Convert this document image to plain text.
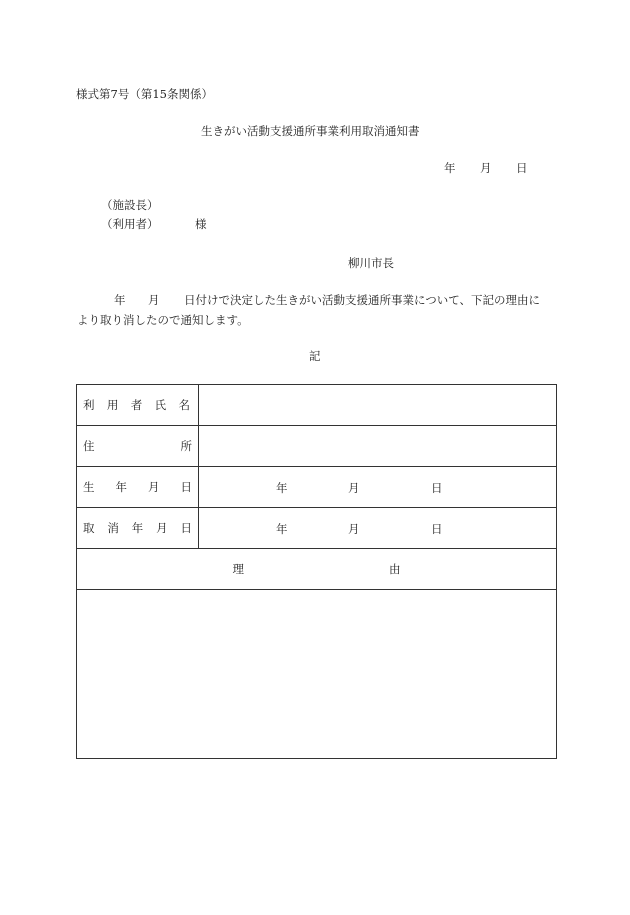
様式第7号（第15条関係）
生きがい活動支援通所事業利用取消通知書
年 月 日
（施設長）
（利用者）	様
柳川市長
年 月 日付けで決定した生きがい活動支援通所事業について、下記の理由に
より取り消したので通知します。
記
利 用 者 氏 名	

住 所	

生 年 月 日	年 月 日

取 消 年 月 日	年 月 日

理 由	
